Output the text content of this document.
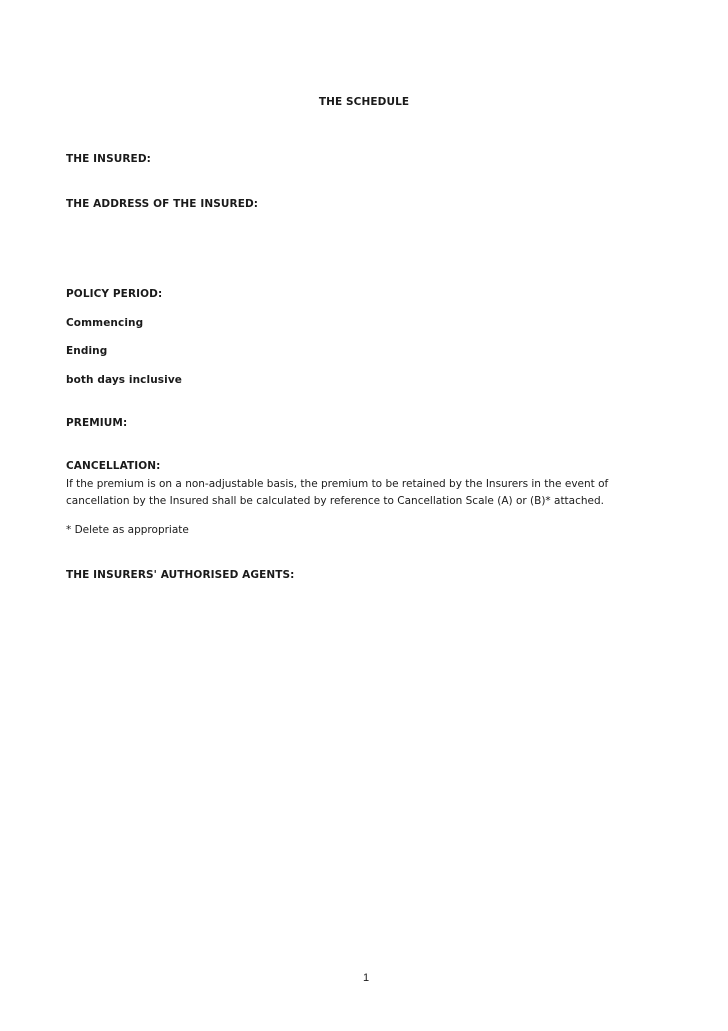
THE SCHEDULE
THE INSURED:
THE ADDRESS OF THE INSURED:
POLICY PERIOD:
Commencing
Ending
both days inclusive
PREMIUM:
CANCELLATION:
If the premium is on a non-adjustable basis, the premium to be retained by the Insurers in the event of
cancellation by the Insured shall be calculated by reference to Cancellation Scale (A) or (B)* attached.
* Delete as appropriate
THE INSURERS' AUTHORISED AGENTS:
1
